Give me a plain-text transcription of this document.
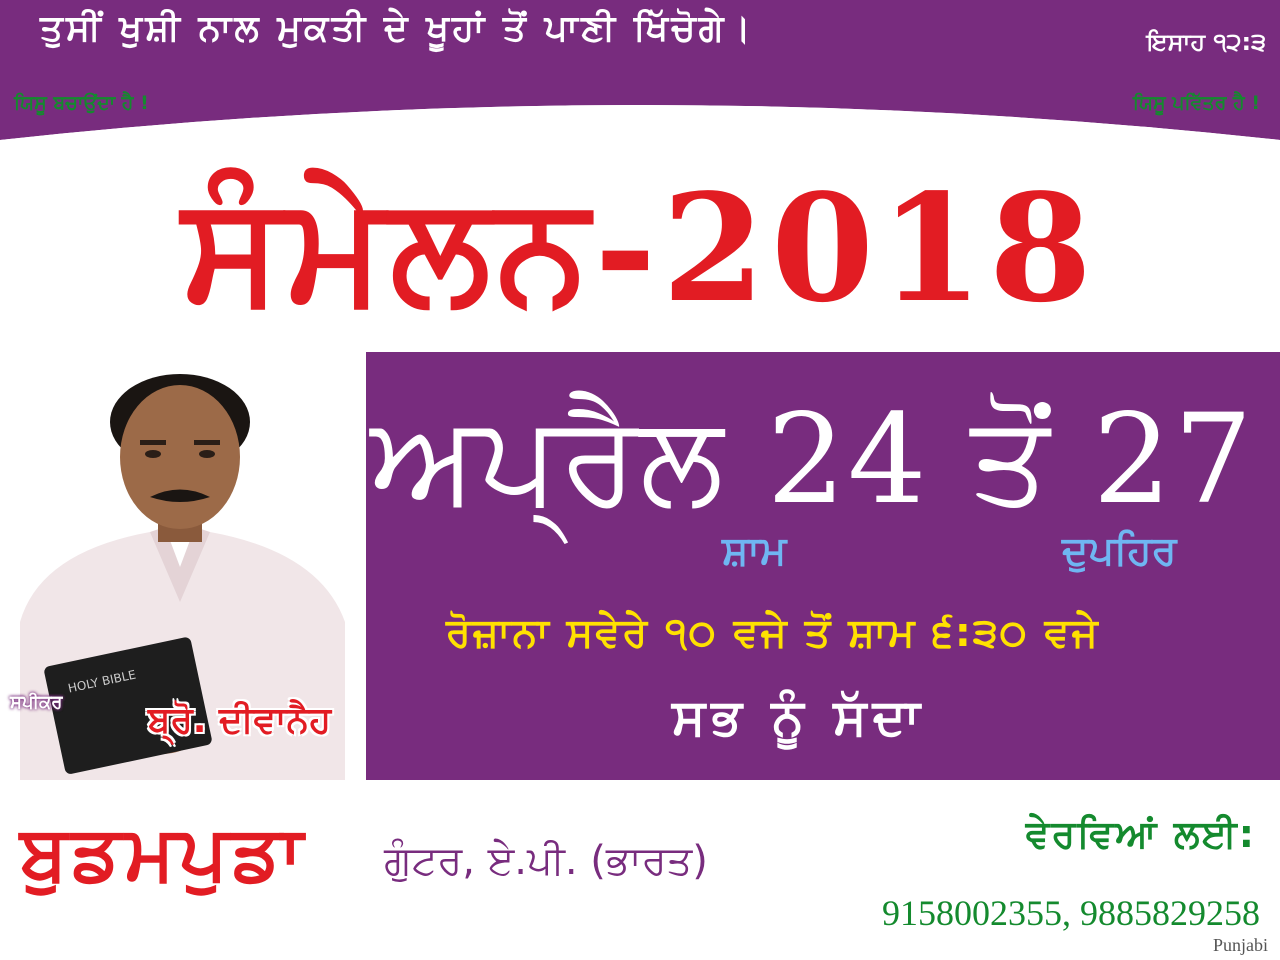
ਤੁਸੀਂ ਖੁਸ਼ੀ ਨਾਲ ਮੁਕਤੀ ਦੇ ਖੂਹਾਂ ਤੋਂ ਪਾਣੀ ਖਿੱਚੋਗੇ।	ਇਸਾਹ ੧੨:੩
ਯਿਸੂ ਬਚਾਉਂਦਾ ਹੈ !	ਯਿਸੂ ਪਵਿੱਤਰ ਹੈ !
ਸੰਮੇਲਨ-2018
HOLY BIBLE
ਅਪ੍ਰੈਲ 24 ਤੋਂ 27
ਸ਼ਾਮ	ਦੁਪਹਿਰ
ਰੋਜ਼ਾਨਾ ਸਵੇਰੇ ੧੦ ਵਜੇ ਤੋਂ ਸ਼ਾਮ ੬:੩੦ ਵਜੇ
ਸਭ ਨੂੰ ਸੱਦਾ
ਸਪੀਕਰ ਬ੍ਰੋ. ਦੀਵਾਨੈਹ
ਬੁਡਮਪੁਡਾ ਗੁੰਟਰ, ਏ.ਪੀ. (ਭਾਰਤ)
ਵੇਰਵਿਆਂ ਲਈ:
9158002355, 9885829258
Punjabi
